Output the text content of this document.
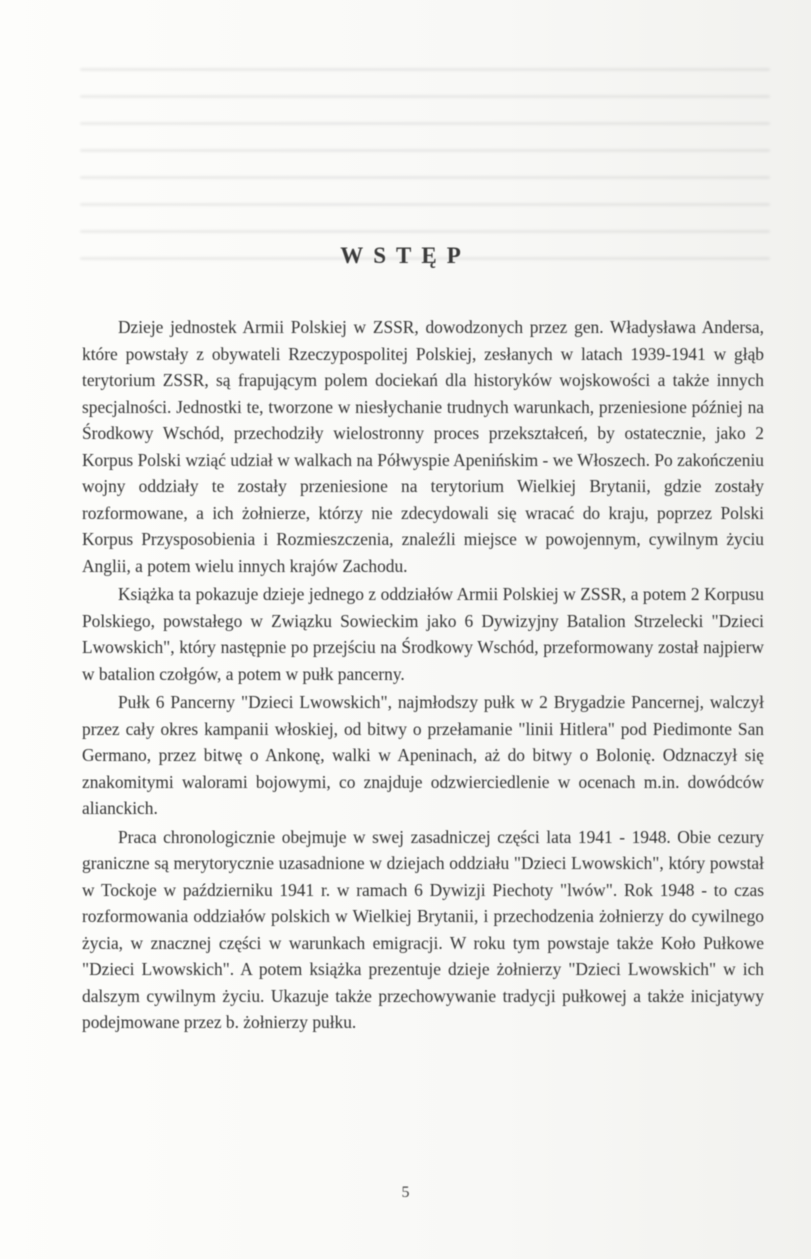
WSTĘP

Dzieje jednostek Armii Polskiej w ZSSR, dowodzonych przez gen. Władysława Andersa, które powstały z obywateli Rzeczypospolitej Polskiej, zesłanych w latach 1939-1941 w głąb terytorium ZSSR, są frapującym polem dociekań dla historyków wojskowości a także innych specjalności. Jednostki te, tworzone w niesłychanie trudnych warunkach, przeniesione później na Środkowy Wschód, przechodziły wielostronny proces przekształceń, by ostatecznie, jako 2 Korpus Polski wziąć udział w walkach na Półwyspie Apenińskim - we Włoszech. Po zakończeniu wojny oddziały te zostały przeniesione na terytorium Wielkiej Brytanii, gdzie zostały rozformowane, a ich żołnierze, którzy nie zdecydowali się wracać do kraju, poprzez Polski Korpus Przysposobienia i Rozmieszczenia, znaleźli miejsce w powojennym, cywilnym życiu Anglii, a potem wielu innych krajów Zachodu.

Książka ta pokazuje dzieje jednego z oddziałów Armii Polskiej w ZSSR, a potem 2 Korpusu Polskiego, powstałego w Związku Sowieckim jako 6 Dywizyjny Batalion Strzelecki "Dzieci Lwowskich", który następnie po przejściu na Środkowy Wschód, przeformowany został najpierw w batalion czołgów, a potem w pułk pancerny.

Pułk 6 Pancerny "Dzieci Lwowskich", najmłodszy pułk w 2 Brygadzie Pancernej, walczył przez cały okres kampanii włoskiej, od bitwy o przełamanie "linii Hitlera" pod Piedimonte San Germano, przez bitwę o Ankonę, walki w Apeninach, aż do bitwy o Bolonię. Odznaczył się znakomitymi walorami bojowymi, co znajduje odzwierciedlenie w ocenach m.in. dowódców alianckich.

Praca chronologicznie obejmuje w swej zasadniczej części lata 1941 - 1948. Obie cezury graniczne są merytorycznie uzasadnione w dziejach oddziału "Dzieci Lwowskich", który powstał w Tockoje w październiku 1941 r. w ramach 6 Dywizji Piechoty "lwów". Rok 1948 - to czas rozformowania oddziałów polskich w Wielkiej Brytanii, i przechodzenia żołnierzy do cywilnego życia, w znacznej części w warunkach emigracji. W roku tym powstaje także Koło Pułkowe "Dzieci Lwowskich". A potem książka prezentuje dzieje żołnierzy "Dzieci Lwowskich" w ich dalszym cywilnym życiu. Ukazuje także przechowywanie tradycji pułkowej a także inicjatywy podejmowane przez b. żołnierzy pułku.

5
